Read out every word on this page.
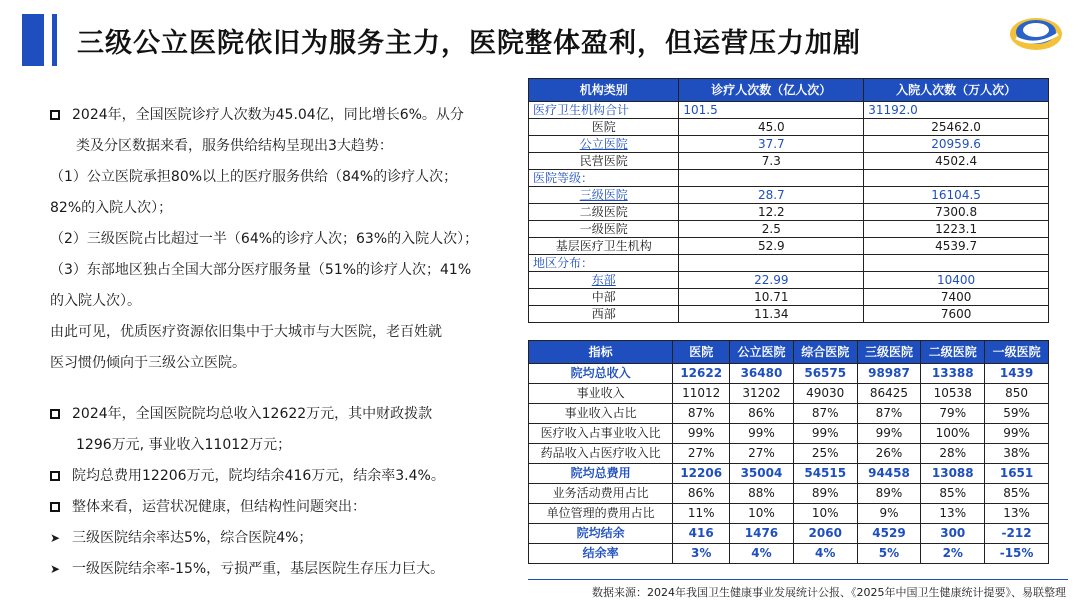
三级公立医院依旧为服务主力，医院整体盈利，但运营压力加剧

2024年，全国医院诊疗人次数为45.04亿，同比增长6%。从分

类及分区数据来看，服务供给结构呈现出3大趋势：

（1）公立医院承担80%以上的医疗服务供给（84%的诊疗人次；

82%的入院人次）；

（2）三级医院占比超过一半（64%的诊疗人次；63%的入院人次）；

（3）东部地区独占全国大部分医疗服务量（51%的诊疗人次；41%

的入院人次）。

由此可见，优质医疗资源依旧集中于大城市与大医院，老百姓就

医习惯仍倾向于三级公立医院。

2024年，全国医院院均总收入12622万元，其中财政拨款

1296万元, 事业收入11012万元；

院均总费用12206万元，院均结余416万元，结余率3.4%。

整体来看，运营状况健康，但结构性问题突出：

➤ 三级医院结余率达5%，综合医院4%；

➤ 一级医院结余率-15%，亏损严重，基层医院生存压力巨大。

机构类别	诊疗人次数（亿人次）	入院人次数（万人次）
医疗卫生机构合计	101.5	31192.0
医院	45.0	25462.0
公立医院	37.7	20959.6
民营医院	7.3	4502.4
医院等级：		
三级医院	28.7	16104.5
二级医院	12.2	7300.8
一级医院	2.5	1223.1
基层医疗卫生机构	52.9	4539.7
地区分布：		
东部	22.99	10400
中部	10.71	7400
西部	11.34	7600
指标	医院	公立医院	综合医院	三级医院	二级医院	一级医院
院均总收入	12622	36480	56575	98987	13388	1439
事业收入	11012	31202	49030	86425	10538	850
事业收入占比	87%	86%	87%	87%	79%	59%
医疗收入占事业收入比	99%	99%	99%	99%	100%	99%
药品收入占医疗收入比	27%	27%	25%	26%	28%	38%
院均总费用	12206	35004	54515	94458	13088	1651
业务活动费用占比	86%	88%	89%	89%	85%	85%
单位管理的费用占比	11%	10%	10%	9%	13%	13%
院均结余	416	1476	2060	4529	300	-212
结余率	3%	4%	4%	5%	2%	-15%
数据来源：2024年我国卫生健康事业发展统计公报、《2025年中国卫生健康统计提要》、易联整理
